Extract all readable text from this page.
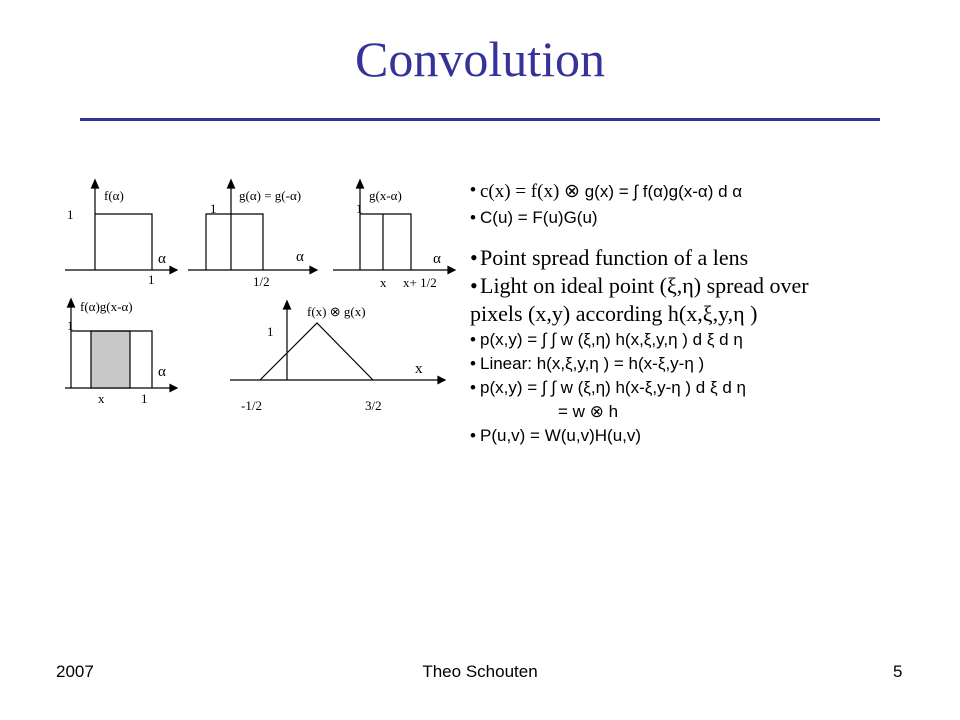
Convolution
f(α)
1
α
1
g(α) = g(-α)
1
α
1/2
g(x-α)
1
α
x x+ 1/2
f(α)g(x-α)
1
α
x	1
f(x) ⊗ g(x)
1
x
-1/2	3/2
• c(x) = f(x) ⊗ g(x) = ∫ f(α)g(x-α) d α
• C(u) = F(u)G(u)
• Point spread function of a lens
• Light on ideal point (ξ,η) spread over
pixels (x,y) according h(x,ξ,y,η )
• p(x,y) = ∫ ∫ w (ξ,η) h(x,ξ,y,η ) d ξ d η
• Linear: h(x,ξ,y,η ) = h(x-ξ,y-η )
• p(x,y) = ∫ ∫ w (ξ,η) h(x-ξ,y-η ) d ξ d η
= w ⊗ h
• P(u,v) = W(u,v)H(u,v)
2007	Theo Schouten	5
